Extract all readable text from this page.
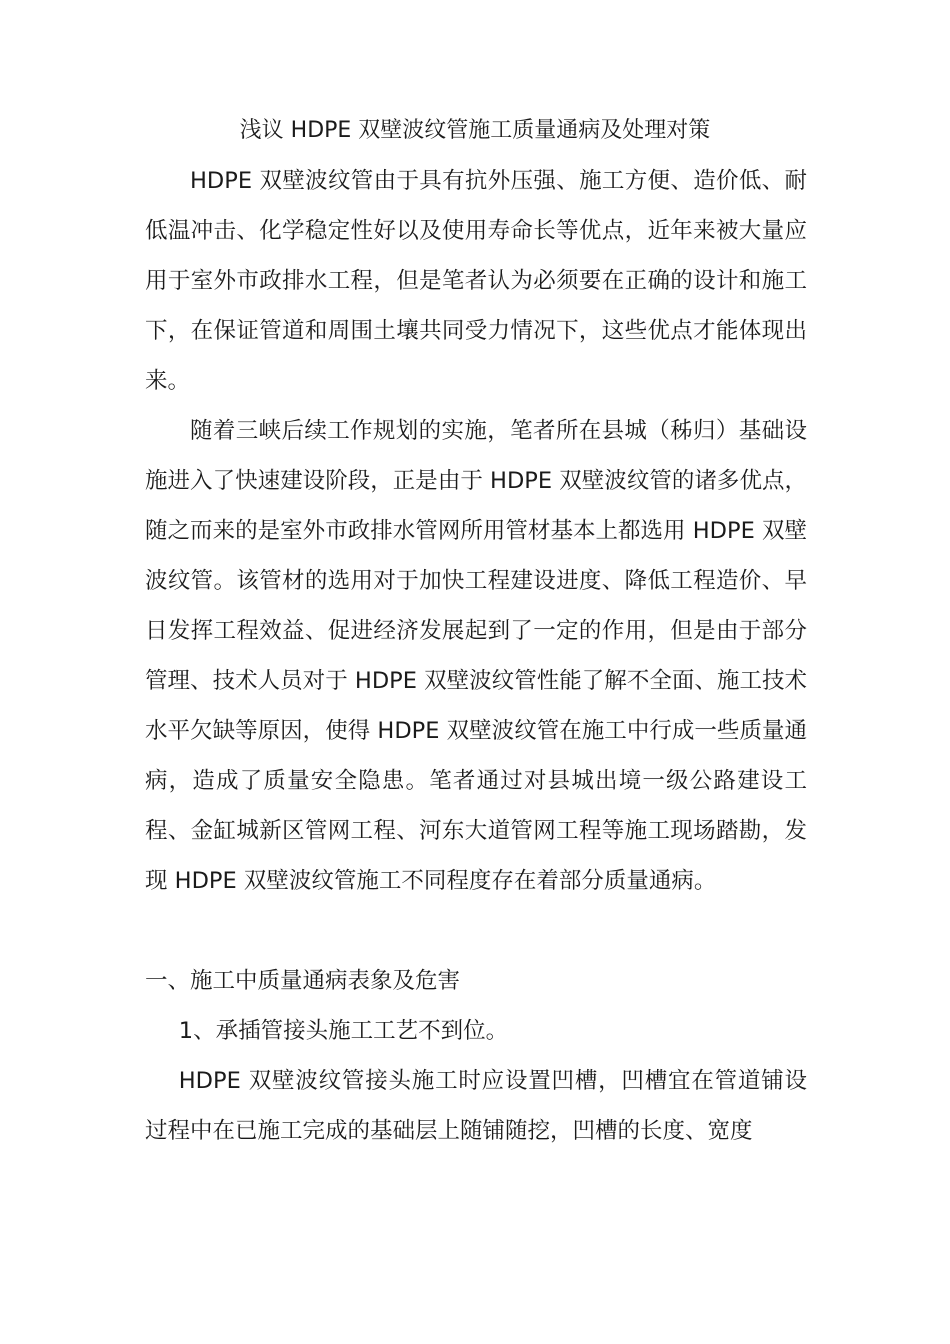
浅议 HDPE 双壁波纹管施工质量通病及处理对策

HDPE 双壁波纹管由于具有抗外压强、施工方便、造价低、耐低温冲击、化学稳定性好以及使用寿命长等优点，近年来被大量应用于室外市政排水工程，但是笔者认为必须要在正确的设计和施工下，在保证管道和周围土壤共同受力情况下，这些优点才能体现出来。

随着三峡后续工作规划的实施，笔者所在县城（秭归）基础设施进入了快速建设阶段，正是由于 HDPE 双壁波纹管的诸多优点，随之而来的是室外市政排水管网所用管材基本上都选用 HDPE 双壁波纹管。该管材的选用对于加快工程建设进度、降低工程造价、早日发挥工程效益、促进经济发展起到了一定的作用，但是由于部分管理、技术人员对于 HDPE 双壁波纹管性能了解不全面、施工技术水平欠缺等原因，使得 HDPE 双壁波纹管在施工中行成一些质量通病，造成了质量安全隐患。笔者通过对县城出境一级公路建设工程、金缸城新区管网工程、河东大道管网工程等施工现场踏勘，发现 HDPE 双壁波纹管施工不同程度存在着部分质量通病。

一、施工中质量通病表象及危害

1、承插管接头施工工艺不到位。

HDPE 双壁波纹管接头施工时应设置凹槽，凹槽宜在管道铺设过程中在已施工完成的基础层上随铺随挖，凹槽的长度、宽度
